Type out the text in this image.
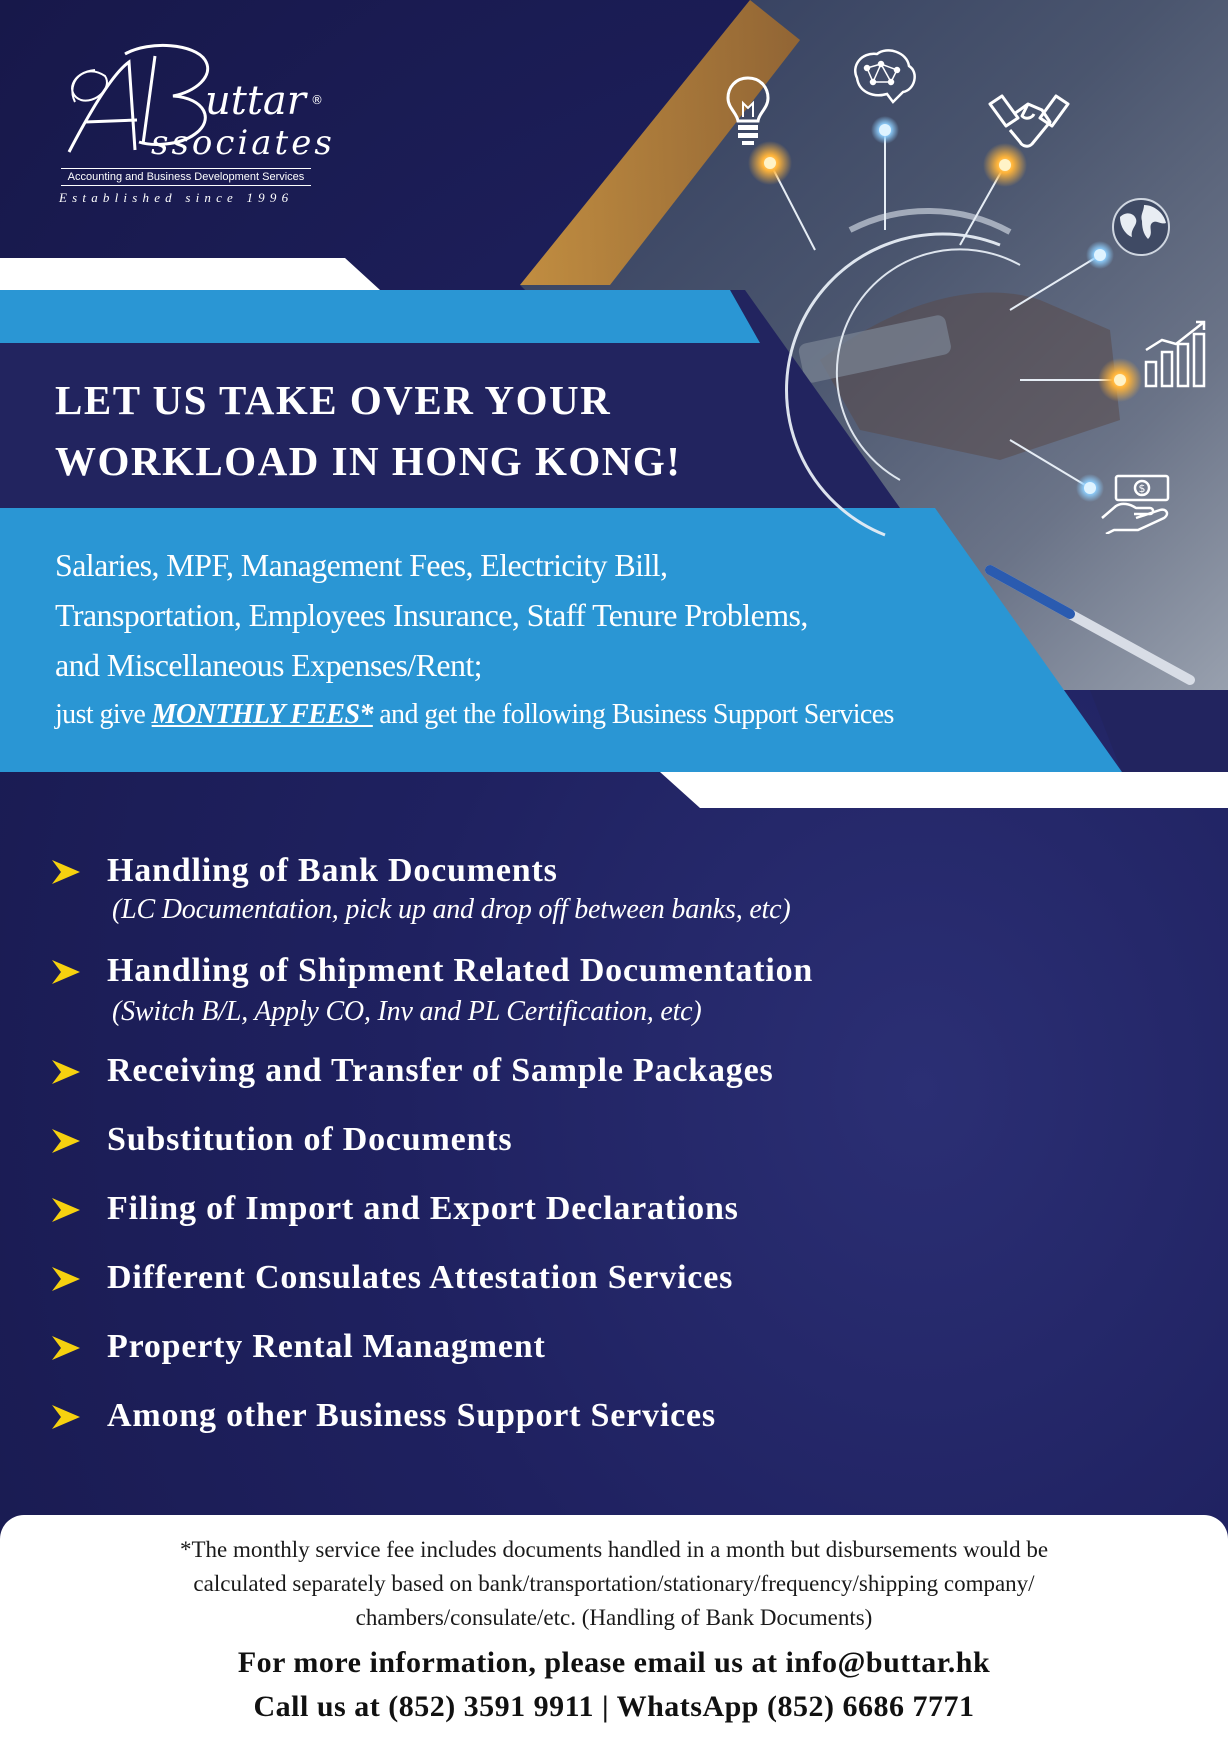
$
uttar
ssociates
®
Accounting and Business Development Services
Established since 1996
LET US TAKE OVER YOUR
WORKLOAD IN HONG KONG!
Salaries, MPF, Management Fees, Electricity Bill,
Transportation, Employees Insurance, Staff Tenure Problems,
and Miscellaneous Expenses/Rent;
just give MONTHLY FEES* and get the following Business Support Services
Handling of Bank Documents
(LC Documentation, pick up and drop off between banks, etc)
Handling of Shipment Related Documentation
(Switch B/L, Apply CO, Inv and PL Certification, etc)
Receiving and Transfer of Sample Packages
Substitution of Documents
Filing of Import and Export Declarations
Different Consulates Attestation Services
Property Rental Managment
Among other Business Support Services
*The monthly service fee includes documents handled in a month but disbursements would be
calculated separately based on bank/transportation/stationary/frequency/shipping company/
chambers/consulate/etc. (Handling of Bank Documents)
For more information, please email us at info@buttar.hk
Call us at (852) 3591 9911 | WhatsApp (852) 6686 7771
